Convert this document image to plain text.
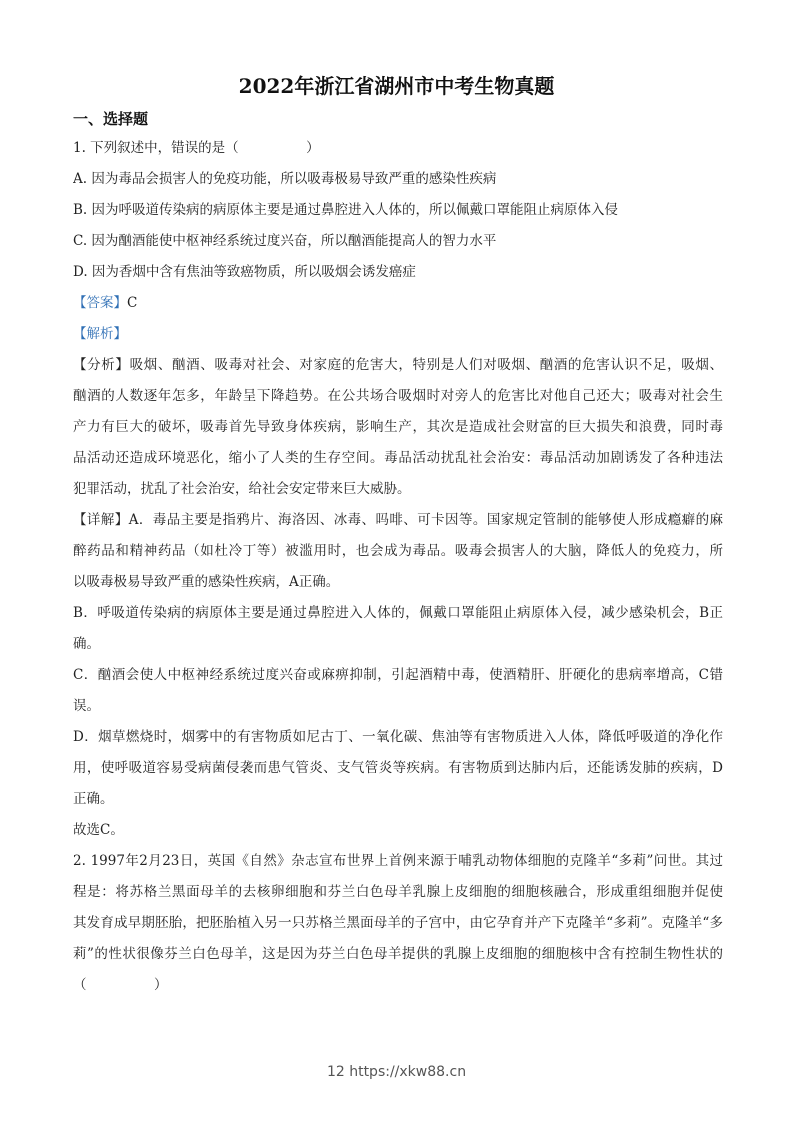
2022年浙江省湖州市中考生物真题
一、选择题
1. 下列叙述中，错误的是（　　　　　）
A. 因为毒品会损害人的免疫功能，所以吸毒极易导致严重的感染性疾病
B. 因为呼吸道传染病的病原体主要是通过鼻腔进入人体的，所以佩戴口罩能阻止病原体入侵
C. 因为酗酒能使中枢神经系统过度兴奋，所以酗酒能提高人的智力水平
D. 因为香烟中含有焦油等致癌物质，所以吸烟会诱发癌症
【答案】C
【解析】
【分析】吸烟、酗酒、吸毒对社会、对家庭的危害大，特别是人们对吸烟、酗酒的危害认识不足，吸烟、
酗酒的人数逐年怎多，年龄呈下降趋势。在公共场合吸烟时对旁人的危害比对他自己还大；吸毒对社会生
产力有巨大的破坏，吸毒首先导致身体疾病，影响生产，其次是造成社会财富的巨大损失和浪费，同时毒
品活动还造成环境恶化，缩小了人类的生存空间。毒品活动扰乱社会治安：毒品活动加剧诱发了各种违法
犯罪活动，扰乱了社会治安，给社会安定带来巨大威胁。
【详解】A．毒品主要是指鸦片、海洛因、冰毒、吗啡、可卡因等。国家规定管制的能够使人形成瘾癖的麻
醉药品和精神药品（如杜冷丁等）被滥用时，也会成为毒品。吸毒会损害人的大脑，降低人的免疫力，所
以吸毒极易导致严重的感染性疾病，A正确。
B．呼吸道传染病的病原体主要是通过鼻腔进入人体的，佩戴口罩能阻止病原体入侵，减少感染机会，B正
确。
C．酗酒会使人中枢神经系统过度兴奋或麻痹抑制，引起酒精中毒，使酒精肝、肝硬化的患病率增高，C错
误。
D．烟草燃烧时，烟雾中的有害物质如尼古丁、一氧化碳、焦油等有害物质进入人体，降低呼吸道的净化作
用，使呼吸道容易受病菌侵袭而患气管炎、支气管炎等疾病。有害物质到达肺内后，还能诱发肺的疾病，D
正确。
故选C。
2. 1997年2月23日，英国《自然》杂志宣布世界上首例来源于哺乳动物体细胞的克隆羊“多莉”问世。其过
程是：将苏格兰黑面母羊的去核卵细胞和芬兰白色母羊乳腺上皮细胞的细胞核融合，形成重组细胞并促使
其发育成早期胚胎，把胚胎植入另一只苏格兰黑面母羊的子宫中，由它孕育并产下克隆羊“多莉”。克隆羊“多
莉”的性状很像芬兰白色母羊，这是因为芬兰白色母羊提供的乳腺上皮细胞的细胞核中含有控制生物性状的
（　　　　　）
12 https://xkw88.cn
